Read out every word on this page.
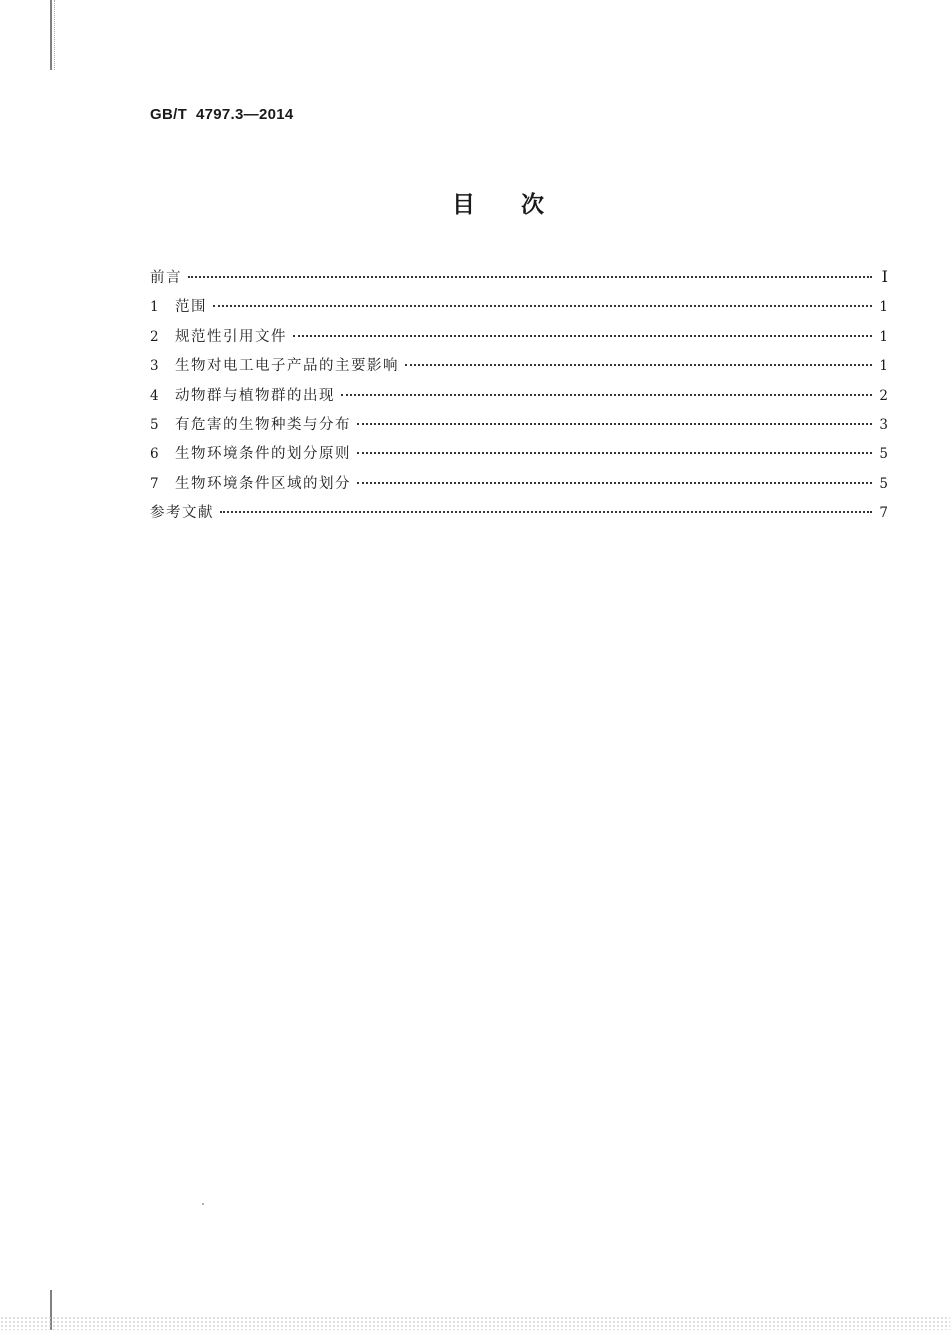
GB/T  4797.3—2014
目次
前言	Ⅰ
1	范围	1
2	规范性引用文件	1
3	生物对电工电子产品的主要影响	1
4	动物群与植物群的出现	2
5	有危害的生物种类与分布	3
6	生物环境条件的划分原则	5
7	生物环境条件区域的划分	5
参考文献	7
